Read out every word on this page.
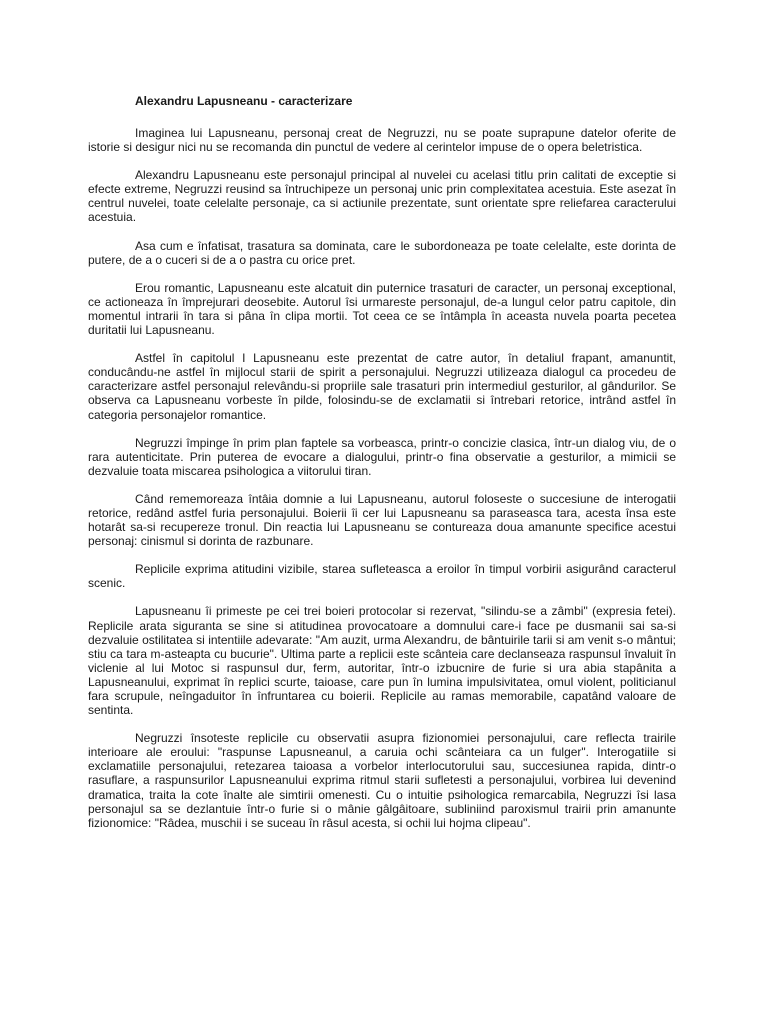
Alexandru Lapusneanu - caracterizare

Imaginea lui Lapusneanu, personaj creat de Negruzzi, nu se poate suprapune datelor oferite de istorie si desigur nici nu se recomanda din punctul de vedere al cerintelor impuse de o opera beletristica.

Alexandru Lapusneanu este personajul principal al nuvelei cu acelasi titlu prin calitati de exceptie si efecte extreme, Negruzzi reusind sa întruchipeze un personaj unic prin complexitatea acestuia. Este asezat în centrul nuvelei, toate celelalte personaje, ca si actiunile prezentate, sunt orientate spre reliefarea caracterului acestuia.

Asa cum e înfatisat, trasatura sa dominata, care le subordoneaza pe toate celelalte, este dorinta de putere, de a o cuceri si de a o pastra cu orice pret.

Erou romantic, Lapusneanu este alcatuit din puternice trasaturi de caracter, un personaj exceptional, ce actioneaza în împrejurari deosebite. Autorul îsi urmareste personajul, de-a lungul celor patru capitole, din momentul intrarii în tara si pâna în clipa mortii. Tot ceea ce se întâmpla în aceasta nuvela poarta pecetea duritatii lui Lapusneanu.

Astfel în capitolul I Lapusneanu este prezentat de catre autor, în detaliul frapant, amanuntit, conducându-ne astfel în mijlocul starii de spirit a personajului. Negruzzi utilizeaza dialogul ca procedeu de caracterizare astfel personajul relevându-si propriile sale trasaturi prin intermediul gesturilor, al gândurilor. Se observa ca Lapusneanu vorbeste în pilde, folosindu-se de exclamatii si întrebari retorice, intrând astfel în categoria personajelor romantice.

Negruzzi împinge în prim plan faptele sa vorbeasca, printr-o concizie clasica, într-un dialog viu, de o rara autenticitate. Prin puterea de evocare a dialogului, printr-o fina observatie a gesturilor, a mimicii se dezvaluie toata miscarea psihologica a viitorului tiran.

Când rememoreaza întâia domnie a lui Lapusneanu, autorul foloseste o succesiune de interogatii retorice, redând astfel furia personajului. Boierii îi cer lui Lapusneanu sa paraseasca tara, acesta însa este hotarât sa-si recupereze tronul. Din reactia lui Lapusneanu se contureaza doua amanunte specifice acestui personaj: cinismul si dorinta de razbunare.

Replicile exprima atitudini vizibile, starea sufleteasca a eroilor în timpul vorbirii asigurând caracterul scenic.

Lapusneanu îi primeste pe cei trei boieri protocolar si rezervat, "silindu-se a zâmbi" (expresia fetei). Replicile arata siguranta se sine si atitudinea provocatoare a domnului care-i face pe dusmanii sai sa-si dezvaluie ostilitatea si intentiile adevarate: "Am auzit, urma Alexandru, de bântuirile tarii si am venit s-o mântui; stiu ca tara m-asteapta cu bucurie". Ultima parte a replicii este scânteia care declanseaza raspunsul învaluit în viclenie al lui Motoc si raspunsul dur, ferm, autoritar, într-o izbucnire de furie si ura abia stapânita a Lapusneanului, exprimat în replici scurte, taioase, care pun în lumina impulsivitatea, omul violent, politicianul fara scrupule, neîngaduitor în înfruntarea cu boierii. Replicile au ramas memorabile, capatând valoare de sentinta.

Negruzzi însoteste replicile cu observatii asupra fizionomiei personajului, care reflecta trairile interioare ale eroului: "raspunse Lapusneanul, a caruia ochi scânteiara ca un fulger". Interogatiile si exclamatiile personajului, retezarea taioasa a vorbelor interlocutorului sau, succesiunea rapida, dintr-o rasuflare, a raspunsurilor Lapusneanului exprima ritmul starii sufletesti a personajului, vorbirea lui devenind dramatica, traita la cote înalte ale simtirii omenesti. Cu o intuitie psihologica remarcabila, Negruzzi îsi lasa personajul sa se dezlantuie într-o furie si o mânie gâlgâitoare, subliniind paroxismul trairii prin amanunte fizionomice: "Râdea, muschii i se suceau în râsul acesta, si ochii lui hojma clipeau".
